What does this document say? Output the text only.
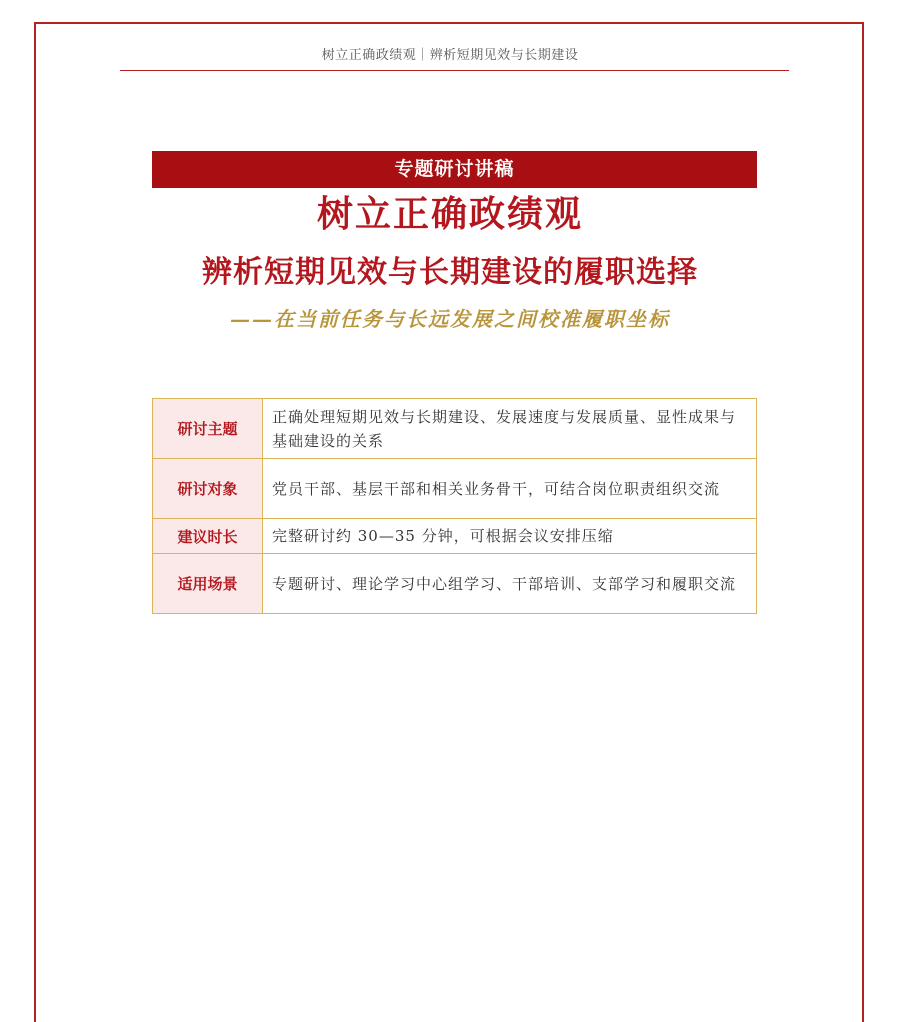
树立正确政绩观｜辨析短期见效与长期建设
专题研讨讲稿
树立正确政绩观
辨析短期见效与长期建设的履职选择
——在当前任务与长远发展之间校准履职坐标
研讨主题	正确处理短期见效与长期建设、发展速度与发展质量、显性成果与基础建设的关系
研讨对象	党员干部、基层干部和相关业务骨干，可结合岗位职责组织交流
建议时长	完整研讨约 30—35 分钟，可根据会议安排压缩
适用场景	专题研讨、理论学习中心组学习、干部培训、支部学习和履职交流
